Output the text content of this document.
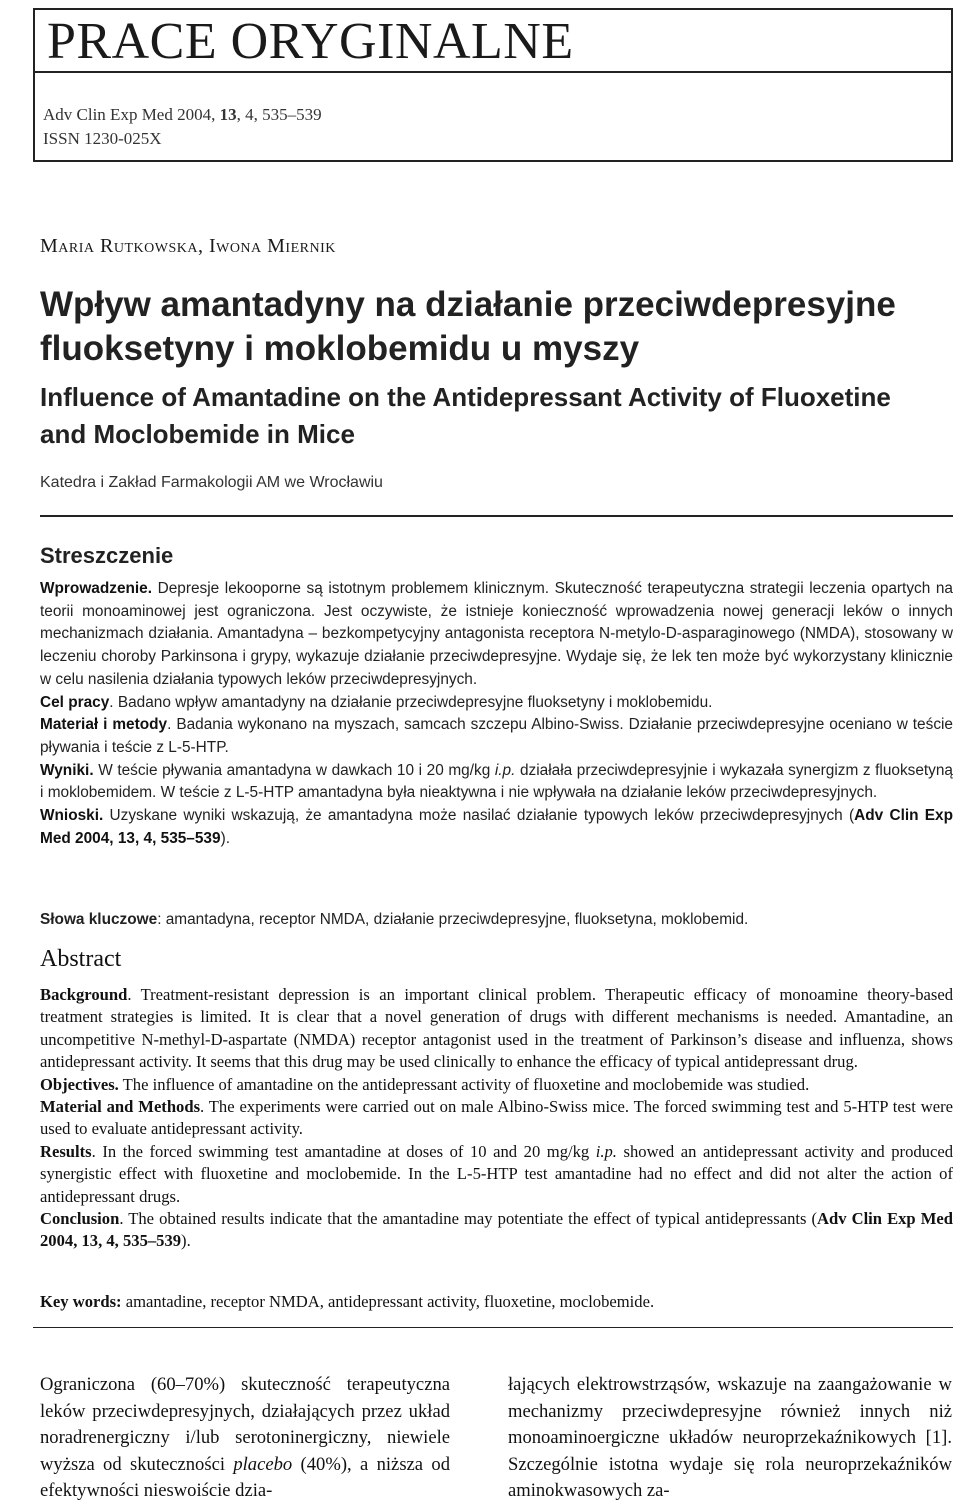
PRACE ORYGINALNE
Adv Clin Exp Med 2004, 13, 4, 535–539
ISSN 1230-025X
Maria Rutkowska, Iwona Miernik
Wpływ amantadyny na działanie przeciwdepresyjne fluoksetyny i moklobemidu u myszy
Influence of Amantadine on the Antidepressant Activity of Fluoxetine and Moclobemide in Mice
Katedra i Zakład Farmakologii AM we Wrocławiu
Streszczenie

Wprowadzenie. Depresje lekooporne są istotnym problemem klinicznym. Skuteczność terapeutyczna strategii leczenia opartych na teorii monoaminowej jest ograniczona. Jest oczywiste, że istnieje konieczność wprowadzenia nowej generacji leków o innych mechanizmach działania. Amantadyna – bezkompetycyjny antagonista receptora N-metylo-D-asparaginowego (NMDA), stosowany w leczeniu choroby Parkinsona i grypy, wykazuje działanie przeciwdepresyjne. Wydaje się, że lek ten może być wykorzystany klinicznie w celu nasilenia działania typowych leków przeciwdepresyjnych.

Cel pracy. Badano wpływ amantadyny na działanie przeciwdepresyjne fluoksetyny i moklobemidu.

Materiał i metody. Badania wykonano na myszach, samcach szczepu Albino-Swiss. Działanie przeciwdepresyjne oceniano w teście pływania i teście z L-5-HTP.

Wyniki. W teście pływania amantadyna w dawkach 10 i 20 mg/kg i.p. działała przeciwdepresyjnie i wykazała synergizm z fluoksetyną i moklobemidem. W teście z L-5-HTP amantadyna była nieaktywna i nie wpływała na działanie leków przeciwdepresyjnych.

Wnioski. Uzyskane wyniki wskazują, że amantadyna może nasilać działanie typowych leków przeciwdepresyjnych (Adv Clin Exp Med 2004, 13, 4, 535–539).

Słowa kluczowe: amantadyna, receptor NMDA, działanie przeciwdepresyjne, fluoksetyna, moklobemid.
Abstract

Background. Treatment-resistant depression is an important clinical problem. Therapeutic efficacy of monoamine theory-based treatment strategies is limited. It is clear that a novel generation of drugs with different mechanisms is needed. Amantadine, an uncompetitive N-methyl-D-aspartate (NMDA) receptor antagonist used in the treatment of Parkinson’s disease and influenza, shows antidepressant activity. It seems that this drug may be used clinically to enhance the efficacy of typical antidepressant drug.

Objectives. The influence of amantadine on the antidepressant activity of fluoxetine and moclobemide was studied.

Material and Methods. The experiments were carried out on male Albino-Swiss mice. The forced swimming test and 5-HTP test were used to evaluate antidepressant activity.

Results. In the forced swimming test amantadine at doses of 10 and 20 mg/kg i.p. showed an antidepressant activity and produced synergistic effect with fluoxetine and moclobemide. In the L-5-HTP test amantadine had no effect and did not alter the action of antidepressant drugs.

Conclusion. The obtained results indicate that the amantadine may potentiate the effect of typical antidepressants (Adv Clin Exp Med 2004, 13, 4, 535–539).

Key words: amantadine, receptor NMDA, antidepressant activity, fluoxetine, moclobemide.

Ograniczona (60–70%) skuteczność terapeutyczna leków przeciwdepresyjnych, działających przez układ noradrenergiczny i/lub serotoninergiczny, niewiele wyższa od skuteczności placebo (40%), a niższa od efektywności nieswoiście dzia-

łających elektrowstrząsów, wskazuje na zaangażowanie w mechanizmy przeciwdepresyjne również innych niż monoaminoergiczne układów neuroprzekaźnikowych [1]. Szczególnie istotna wydaje się rola neuroprzekaźników aminokwasowych za-
